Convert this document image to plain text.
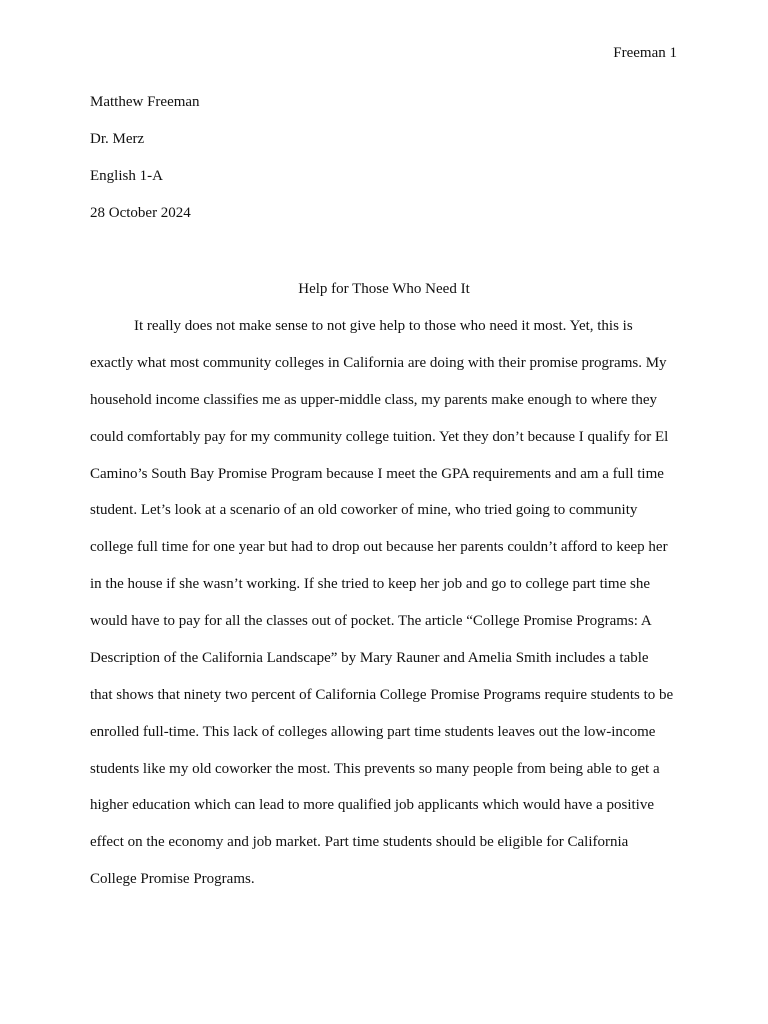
Freeman 1
Matthew Freeman
Dr. Merz
English 1-A
28 October 2024
Help for Those Who Need It
It really does not make sense to not give help to those who need it most. Yet, this is
exactly what most community colleges in California are doing with their promise programs. My
household income classifies me as upper-middle class, my parents make enough to where they
could comfortably pay for my community college tuition. Yet they don’t because I qualify for El
Camino’s South Bay Promise Program because I meet the GPA requirements and am a full time
student. Let’s look at a scenario of an old coworker of mine, who tried going to community
college full time for one year but had to drop out because her parents couldn’t afford to keep her
in the house if she wasn’t working. If she tried to keep her job and go to college part time she
would have to pay for all the classes out of pocket. The article “College Promise Programs: A
Description of the California Landscape” by Mary Rauner and Amelia Smith includes a table
that shows that ninety two percent of California College Promise Programs require students to be
enrolled full-time. This lack of colleges allowing part time students leaves out the low-income
students like my old coworker the most. This prevents so many people from being able to get a
higher education which can lead to more qualified job applicants which would have a positive
effect on the economy and job market. Part time students should be eligible for California
College Promise Programs.
